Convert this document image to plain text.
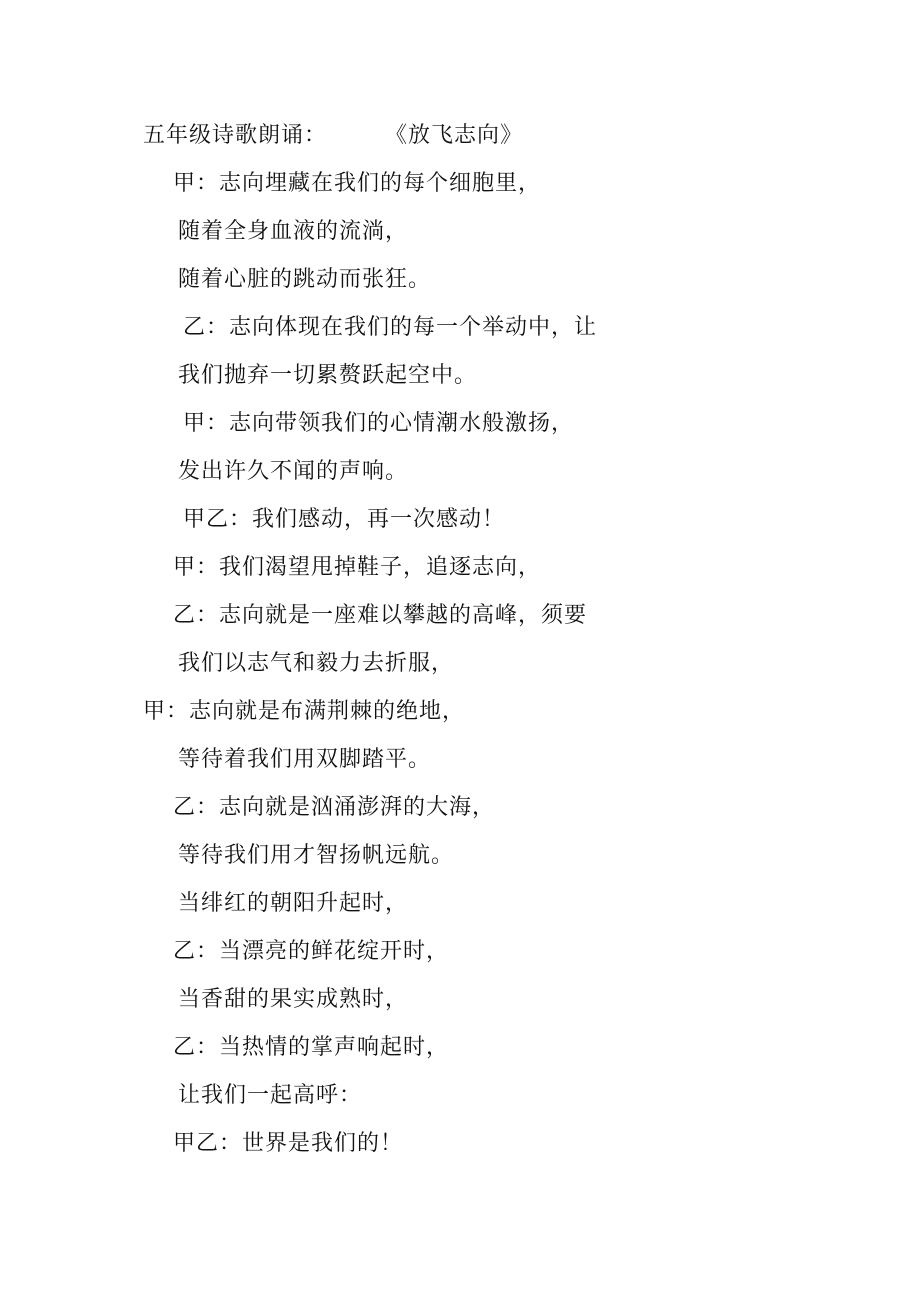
五年级诗歌朗诵：	《放飞志向》
甲：志向埋藏在我们的每个细胞里，
随着全身血液的流淌，
随着心脏的跳动而张狂。
乙：志向体现在我们的每一个举动中，让
我们抛弃一切累赘跃起空中。
甲：志向带领我们的心情潮水般激扬，
发出许久不闻的声响。
甲乙：我们感动，再一次感动！
甲：我们渴望甩掉鞋子，追逐志向，
乙：志向就是一座难以攀越的高峰，须要
我们以志气和毅力去折服，
甲：志向就是布满荆棘的绝地，
等待着我们用双脚踏平。
乙：志向就是汹涌澎湃的大海，
等待我们用才智扬帆远航。
当绯红的朝阳升起时，
乙：当漂亮的鲜花绽开时，
当香甜的果实成熟时，
乙：当热情的掌声响起时，
让我们一起高呼：
甲乙：世界是我们的！
